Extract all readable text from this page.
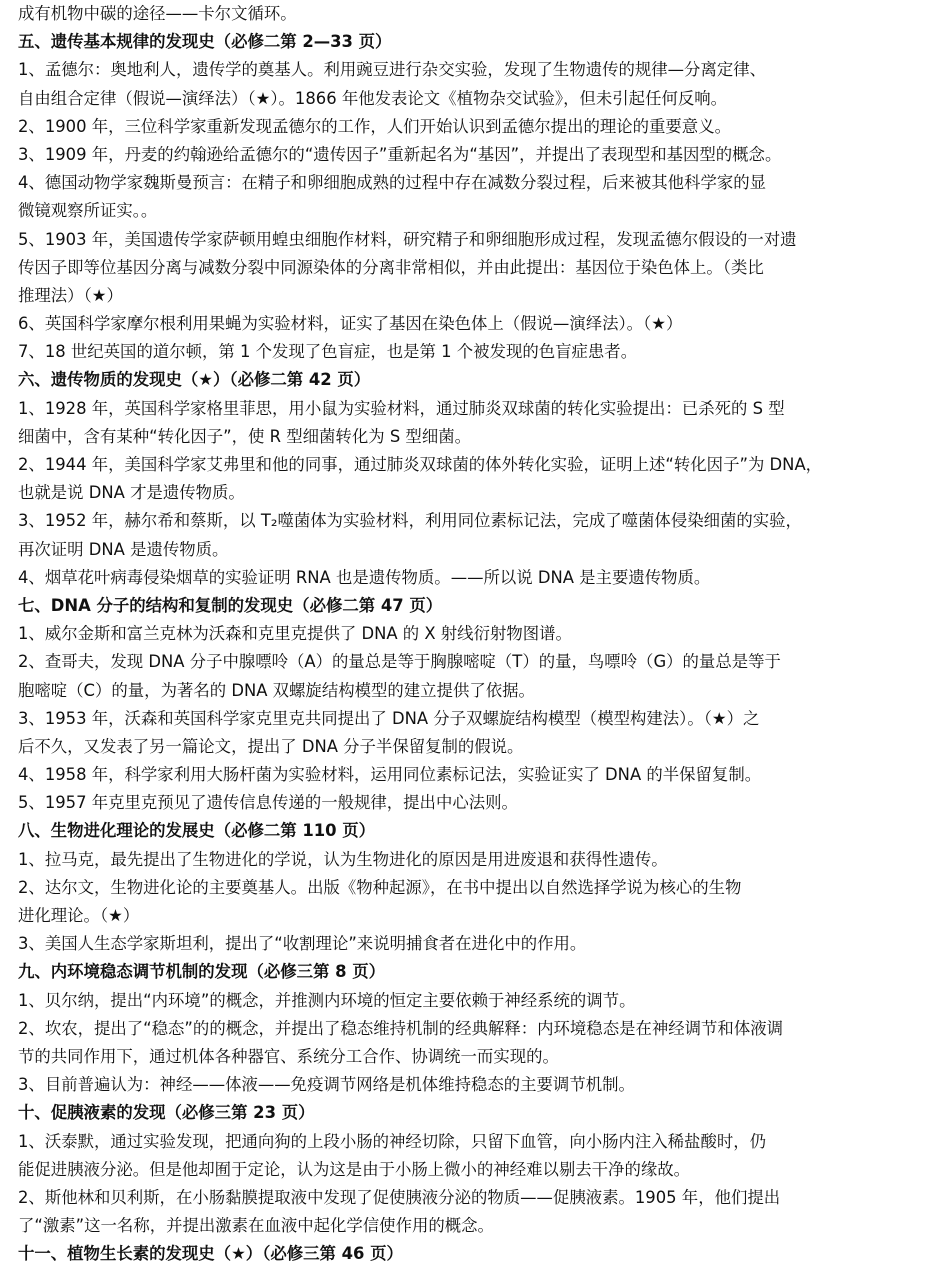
成有机物中碳的途径——卡尔文循环。
五、遗传基本规律的发现史（必修二第 2—33 页）
1、孟德尔：奥地利人，遗传学的奠基人。利用豌豆进行杂交实验，发现了生物遗传的规律—分离定律、
自由组合定律（假说—演绎法）（★）。1866 年他发表论文《植物杂交试验》，但未引起任何反响。
2、1900 年，三位科学家重新发现孟德尔的工作，人们开始认识到孟德尔提出的理论的重要意义。
3、1909 年，丹麦的约翰逊给孟德尔的“遗传因子”重新起名为“基因”，并提出了表现型和基因型的概念。
4、德国动物学家魏斯曼预言：在精子和卵细胞成熟的过程中存在减数分裂过程，后来被其他科学家的显
微镜观察所证实。。
5、1903 年，美国遗传学家萨顿用蝗虫细胞作材料，研究精子和卵细胞形成过程，发现孟德尔假设的一对遗
传因子即等位基因分离与减数分裂中同源染体的分离非常相似，并由此提出：基因位于染色体上。（类比
推理法）（★）
6、英国科学家摩尔根利用果蝇为实验材料，证实了基因在染色体上（假说—演绎法）。（★）
7、18 世纪英国的道尔顿，第 1 个发现了色盲症，也是第 1 个被发现的色盲症患者。
六、遗传物质的发现史（★）（必修二第 42 页）
1、1928 年，英国科学家格里菲思，用小鼠为实验材料，通过肺炎双球菌的转化实验提出：已杀死的 S 型
细菌中，含有某种“转化因子”，使 R 型细菌转化为 S 型细菌。
2、1944 年，美国科学家艾弗里和他的同事，通过肺炎双球菌的体外转化实验，证明上述“转化因子”为 DNA，
也就是说 DNA 才是遗传物质。
3、1952 年，赫尔希和蔡斯，以 T₂噬菌体为实验材料，利用同位素标记法，完成了噬菌体侵染细菌的实验，
再次证明 DNA 是遗传物质。
4、烟草花叶病毒侵染烟草的实验证明 RNA 也是遗传物质。——所以说 DNA 是主要遗传物质。
七、DNA 分子的结构和复制的发现史（必修二第 47 页）
1、威尔金斯和富兰克林为沃森和克里克提供了 DNA 的 X 射线衍射物图谱。
2、查哥夫，发现 DNA 分子中腺嘌呤（A）的量总是等于胸腺嘧啶（T）的量，鸟嘌呤（G）的量总是等于
胞嘧啶（C）的量，为著名的 DNA 双螺旋结构模型的建立提供了依据。
3、1953 年，沃森和英国科学家克里克共同提出了 DNA 分子双螺旋结构模型（模型构建法）。（★）之
后不久，又发表了另一篇论文，提出了 DNA 分子半保留复制的假说。
4、1958 年，科学家利用大肠杆菌为实验材料，运用同位素标记法，实验证实了 DNA 的半保留复制。
5、1957 年克里克预见了遗传信息传递的一般规律，提出中心法则。
八、生物进化理论的发展史（必修二第 110 页）
1、拉马克，最先提出了生物进化的学说，认为生物进化的原因是用进废退和获得性遗传。
2、达尔文，生物进化论的主要奠基人。出版《物种起源》，在书中提出以自然选择学说为核心的生物
进化理论。（★）
3、美国人生态学家斯坦利，提出了“收割理论”来说明捕食者在进化中的作用。
九、内环境稳态调节机制的发现（必修三第 8 页）
1、贝尔纳，提出“内环境”的概念，并推测内环境的恒定主要依赖于神经系统的调节。
2、坎农，提出了“稳态”的的概念，并提出了稳态维持机制的经典解释：内环境稳态是在神经调节和体液调
节的共同作用下，通过机体各种器官、系统分工合作、协调统一而实现的。
3、目前普遍认为：神经——体液——免疫调节网络是机体维持稳态的主要调节机制。
十、促胰液素的发现（必修三第 23 页）
1、沃泰默，通过实验发现，把通向狗的上段小肠的神经切除，只留下血管，向小肠内注入稀盐酸时，仍
能促进胰液分泌。但是他却囿于定论，认为这是由于小肠上微小的神经难以剔去干净的缘故。
2、斯他林和贝利斯，在小肠黏膜提取液中发现了促使胰液分泌的物质——促胰液素。1905 年，他们提出
了“激素”这一名称，并提出激素在血液中起化学信使作用的概念。
十一、植物生长素的发现史（★）（必修三第 46 页）
